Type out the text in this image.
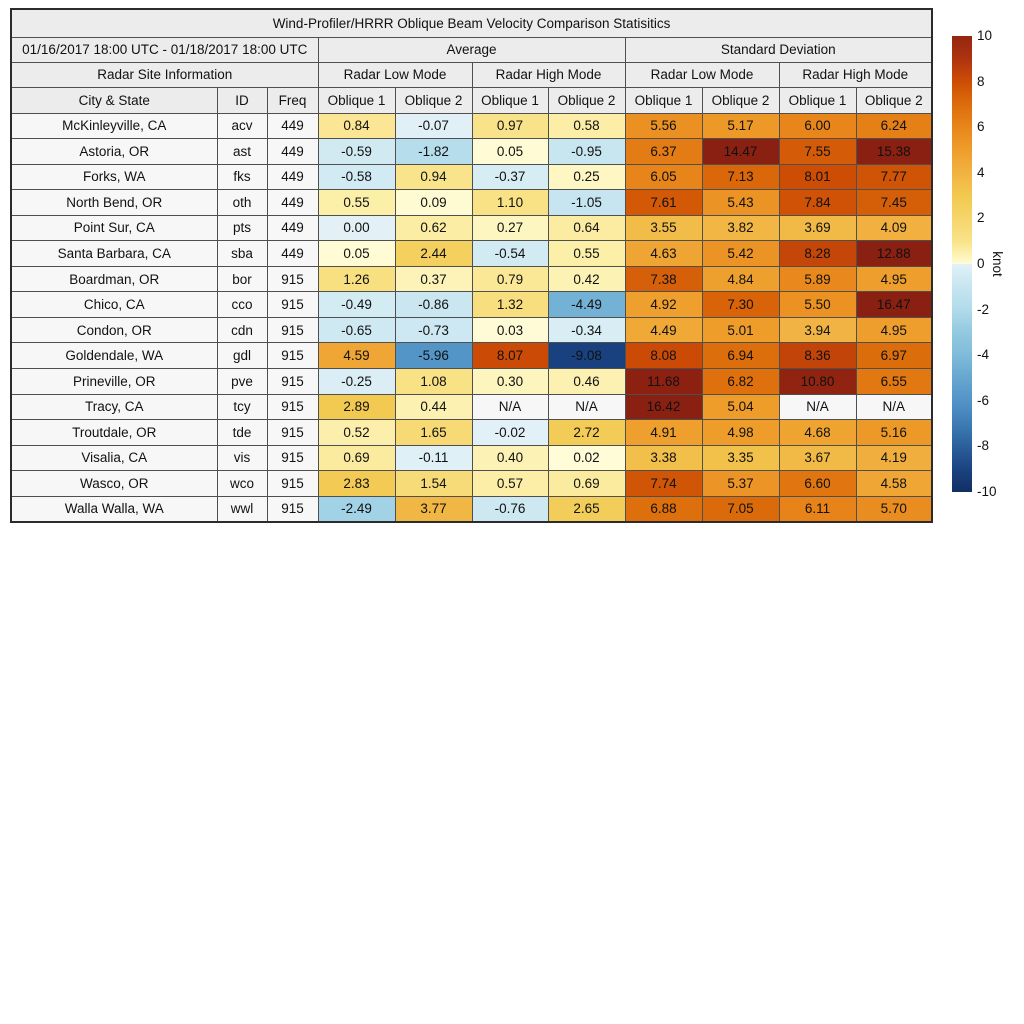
Wind-Profiler/HRRR Oblique Beam Velocity Comparison Statisitics										
01/16/2017 18:00 UTC - 01/18/2017 18:00 UTC			Average				Standard Deviation			
Radar Site Information			Radar Low Mode		Radar High Mode		Radar Low Mode		Radar High Mode	
City & State	ID	Freq	Oblique 1	Oblique 2	Oblique 1	Oblique 2	Oblique 1	Oblique 2	Oblique 1	Oblique 2
McKinleyville, CA	acv	449	0.84	-0.07	0.97	0.58	5.56	5.17	6.00	6.24
Astoria, OR	ast	449	-0.59	-1.82	0.05	-0.95	6.37	14.47	7.55	15.38
Forks, WA	fks	449	-0.58	0.94	-0.37	0.25	6.05	7.13	8.01	7.77
North Bend, OR	oth	449	0.55	0.09	1.10	-1.05	7.61	5.43	7.84	7.45
Point Sur, CA	pts	449	0.00	0.62	0.27	0.64	3.55	3.82	3.69	4.09
Santa Barbara, CA	sba	449	0.05	2.44	-0.54	0.55	4.63	5.42	8.28	12.88
Boardman, OR	bor	915	1.26	0.37	0.79	0.42	7.38	4.84	5.89	4.95
Chico, CA	cco	915	-0.49	-0.86	1.32	-4.49	4.92	7.30	5.50	16.47
Condon, OR	cdn	915	-0.65	-0.73	0.03	-0.34	4.49	5.01	3.94	4.95
Goldendale, WA	gdl	915	4.59	-5.96	8.07	-9.08	8.08	6.94	8.36	6.97
Prineville, OR	pve	915	-0.25	1.08	0.30	0.46	11.68	6.82	10.80	6.55
Tracy, CA	tcy	915	2.89	0.44	N/A	N/A	16.42	5.04	N/A	N/A
Troutdale, OR	tde	915	0.52	1.65	-0.02	2.72	4.91	4.98	4.68	5.16
Visalia, CA	vis	915	0.69	-0.11	0.40	0.02	3.38	3.35	3.67	4.19
Wasco, OR	wco	915	2.83	1.54	0.57	0.69	7.74	5.37	6.60	4.58
Walla Walla, WA	wwl	915	-2.49	3.77	-0.76	2.65	6.88	7.05	6.11	5.70
10
8
6
4
2
0
-2
-4
-6
-8
-10
knot
